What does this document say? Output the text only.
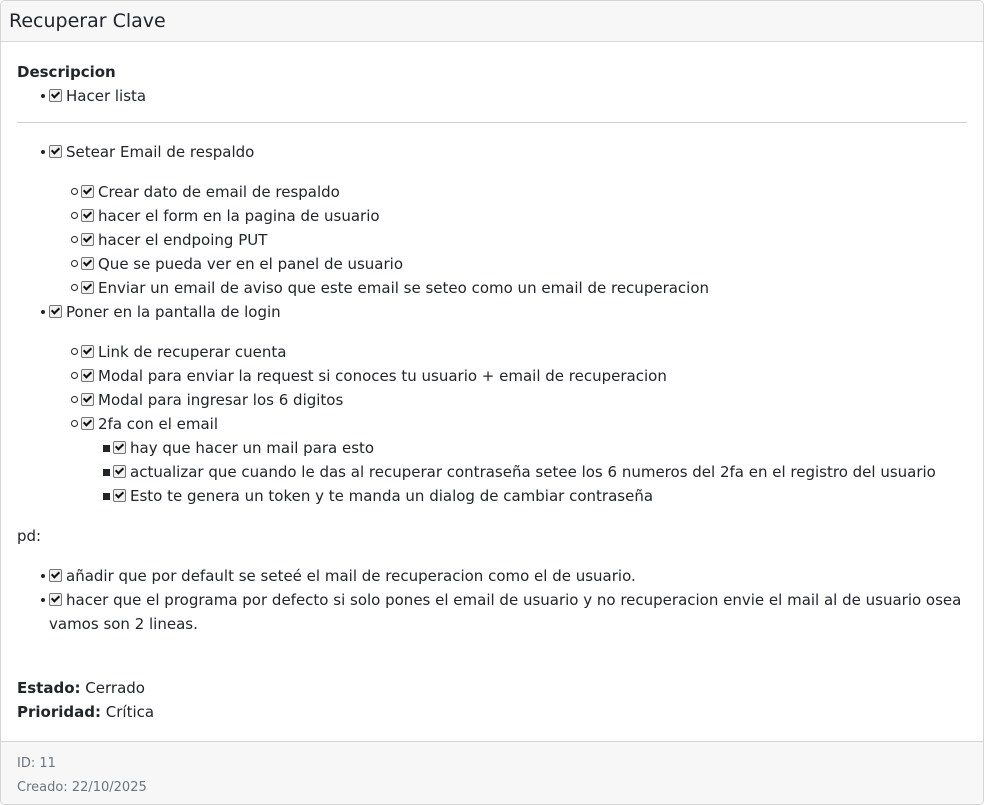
Recuperar Clave
Descripcion
Hacer lista
Setear Email de respaldo
Crear dato de email de respaldo
hacer el form en la pagina de usuario
hacer el endpoing PUT
Que se pueda ver en el panel de usuario
Enviar un email de aviso que este email se seteo como un email de recuperacion
Poner en la pantalla de login
Link de recuperar cuenta
Modal para enviar la request si conoces tu usuario + email de recuperacion
Modal para ingresar los 6 digitos
2fa con el email
hay que hacer un mail para esto
actualizar que cuando le das al recuperar contraseña setee los 6 numeros del 2fa en el registro del usuario
Esto te genera un token y te manda un dialog de cambiar contraseña
pd:
añadir que por default se seteé el mail de recuperacion como el de usuario.
hacer que el programa por defecto si solo pones el email de usuario y no recuperacion envie el mail al de usuario osea vamos son 2 lineas.
Estado: Cerrado
Prioridad: Crítica
ID: 11
Creado: 22/10/2025
